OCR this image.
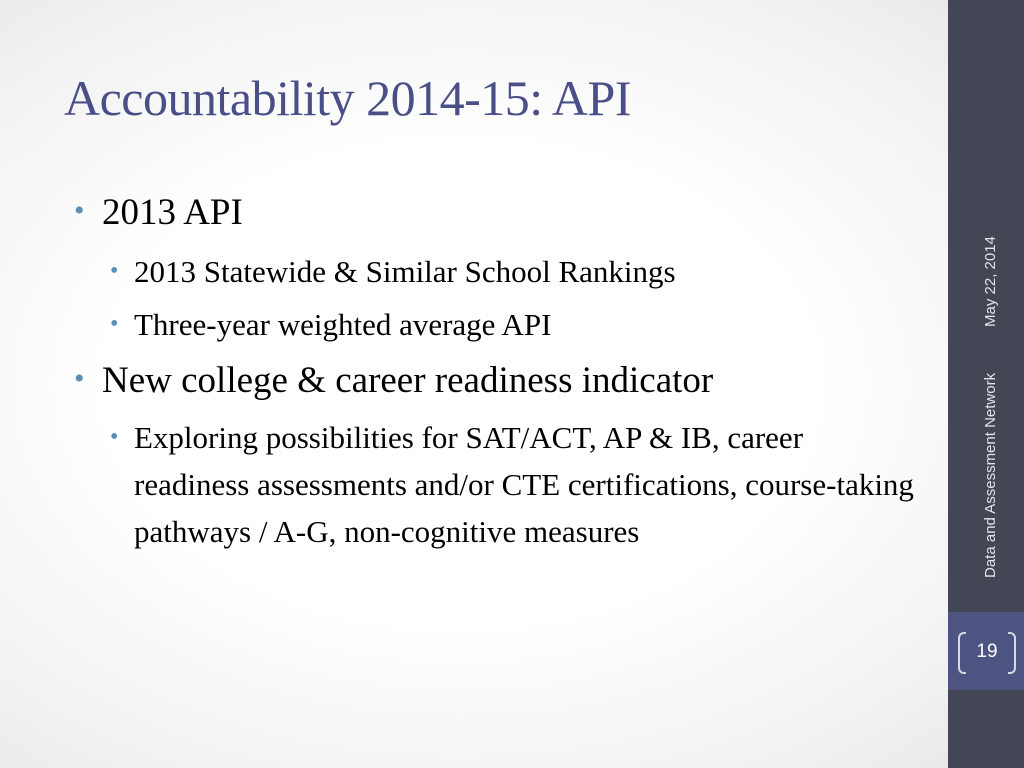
Accountability 2014-15: API
• 2013 API
• 2013 Statewide & Similar School Rankings
• Three-year weighted average API
• New college & career readiness indicator
• Exploring possibilities for SAT/ACT, AP & IB, career readiness assessments and/or CTE certifications, course-taking pathways / A-G, non-cognitive measures	Data and Assessment Network
May 22, 2014
19
